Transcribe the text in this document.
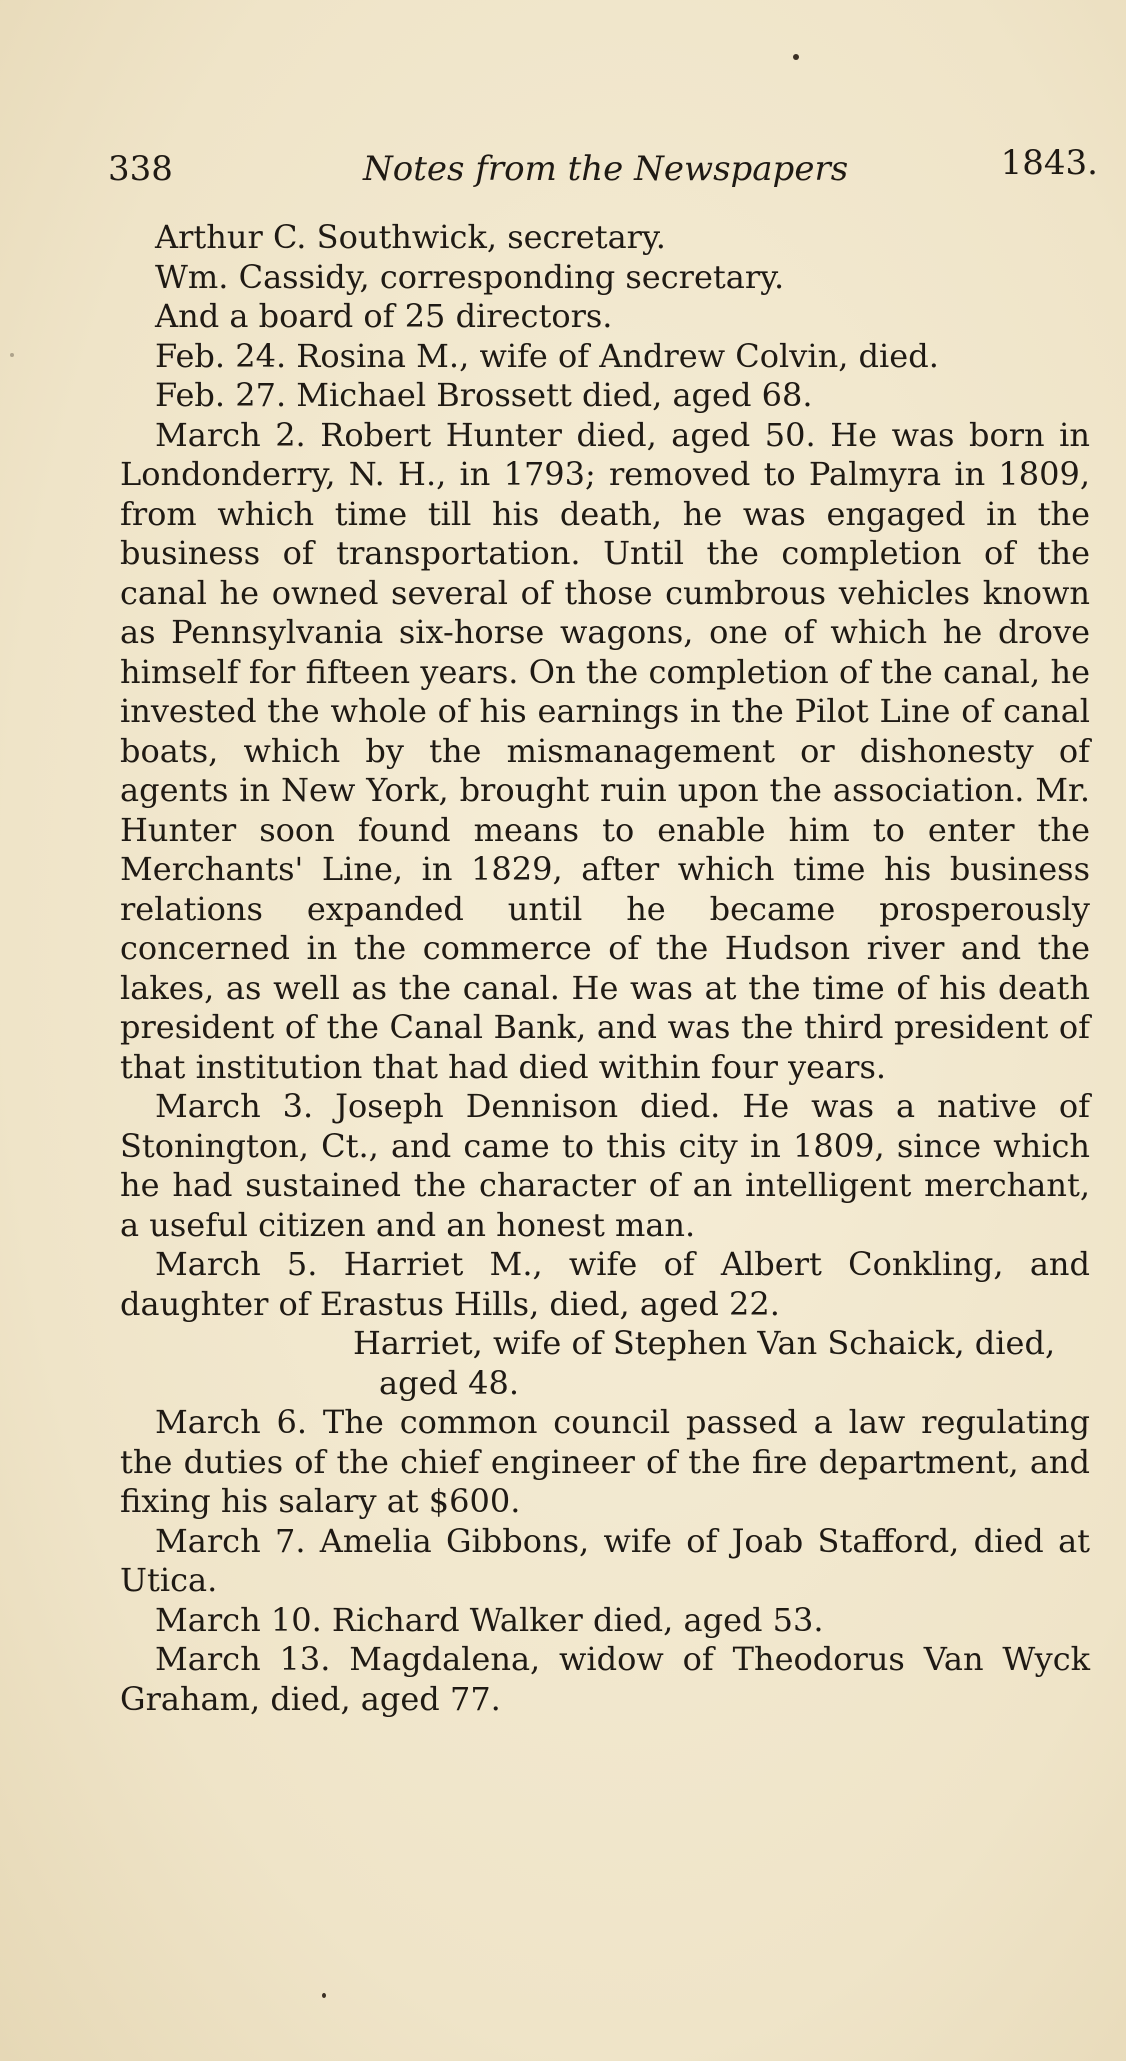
338	Notes from the Newspapers	1843.

Arthur C. Southwick, secretary.

Wm. Cassidy, corresponding secretary.

And a board of 25 directors.

Feb. 24. Rosina M., wife of Andrew Colvin, died.

Feb. 27. Michael Brossett died, aged 68.

March 2. Robert Hunter died, aged 50. He was born in Londonderry, N. H., in 1793; removed to Palmyra in 1809, from which time till his death, he was engaged in the business of transportation. Until the completion of the canal he owned several of those cumbrous vehicles known as Pennsylvania six-horse wagons, one of which he drove himself for fifteen years. On the completion of the canal, he invested the whole of his earnings in the Pilot Line of canal boats, which by the mismanagement or dishonesty of agents in New York, brought ruin upon the association. Mr. Hunter soon found means to enable him to enter the Merchants' Line, in 1829, after which time his business relations expanded until he became prosperously concerned in the commerce of the Hudson river and the lakes, as well as the canal. He was at the time of his death president of the Canal Bank, and was the third president of that institution that had died within four years.

March 3. Joseph Dennison died. He was a native of Stonington, Ct., and came to this city in 1809, since which he had sustained the character of an intelligent merchant, a useful citizen and an honest man.

March 5. Harriet M., wife of Albert Conkling, and daughter of Erastus Hills, died, aged 22.

Harriet, wife of Stephen Van Schaick, died,
aged 48.

March 6. The common council passed a law regulating the duties of the chief engineer of the fire department, and fixing his salary at $600.

March 7. Amelia Gibbons, wife of Joab Stafford, died at Utica.

March 10. Richard Walker died, aged 53.

March 13. Magdalena, widow of Theodorus Van Wyck Graham, died, aged 77.
